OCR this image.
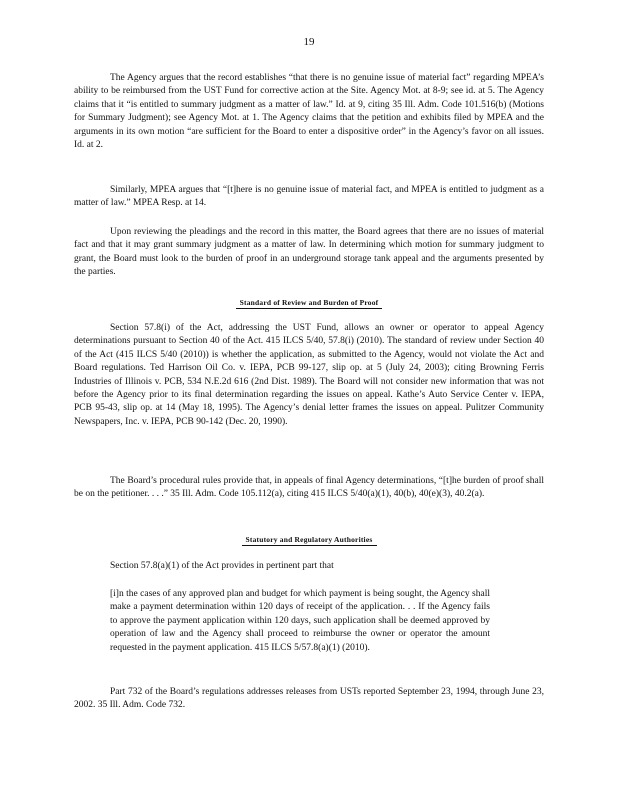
19

The Agency argues that the record establishes “that there is no genuine issue of material fact” regarding MPEA’s ability to be reimbursed from the UST Fund for corrective action at the Site. Agency Mot. at 8-9; see id. at 5. The Agency claims that it “is entitled to summary judgment as a matter of law.” Id. at 9, citing 35 Ill. Adm. Code 101.516(b) (Motions for Summary Judgment); see Agency Mot. at 1. The Agency claims that the petition and exhibits filed by MPEA and the arguments in its own motion “are sufficient for the Board to enter a dispositive order” in the Agency’s favor on all issues. Id. at 2.

Similarly, MPEA argues that “[t]here is no genuine issue of material fact, and MPEA is entitled to judgment as a matter of law.” MPEA Resp. at 14.

Upon reviewing the pleadings and the record in this matter, the Board agrees that there are no issues of material fact and that it may grant summary judgment as a matter of law. In determining which motion for summary judgment to grant, the Board must look to the burden of proof in an underground storage tank appeal and the arguments presented by the parties.

Standard of Review and Burden of Proof

Section 57.8(i) of the Act, addressing the UST Fund, allows an owner or operator to appeal Agency determinations pursuant to Section 40 of the Act. 415 ILCS 5/40, 57.8(i) (2010). The standard of review under Section 40 of the Act (415 ILCS 5/40 (2010)) is whether the application, as submitted to the Agency, would not violate the Act and Board regulations. Ted Harrison Oil Co. v. IEPA, PCB 99-127, slip op. at 5 (July 24, 2003); citing Browning Ferris Industries of Illinois v. PCB, 534 N.E.2d 616 (2nd Dist. 1989). The Board will not consider new information that was not before the Agency prior to its final determination regarding the issues on appeal. Kathe’s Auto Service Center v. IEPA, PCB 95-43, slip op. at 14 (May 18, 1995). The Agency’s denial letter frames the issues on appeal. Pulitzer Community Newspapers, Inc. v. IEPA, PCB 90-142 (Dec. 20, 1990).

The Board’s procedural rules provide that, in appeals of final Agency determinations, “[t]he burden of proof shall be on the petitioner. . . .” 35 Ill. Adm. Code 105.112(a), citing 415 ILCS 5/40(a)(1), 40(b), 40(e)(3), 40.2(a).

Statutory and Regulatory Authorities

Section 57.8(a)(1) of the Act provides in pertinent part that

[i]n the cases of any approved plan and budget for which payment is being sought, the Agency shall make a payment determination within 120 days of receipt of the application. . . If the Agency fails to approve the payment application within 120 days, such application shall be deemed approved by operation of law and the Agency shall proceed to reimburse the owner or operator the amount requested in the payment application. 415 ILCS 5/57.8(a)(1) (2010).

Part 732 of the Board’s regulations addresses releases from USTs reported September 23, 1994, through June 23, 2002. 35 Ill. Adm. Code 732.
